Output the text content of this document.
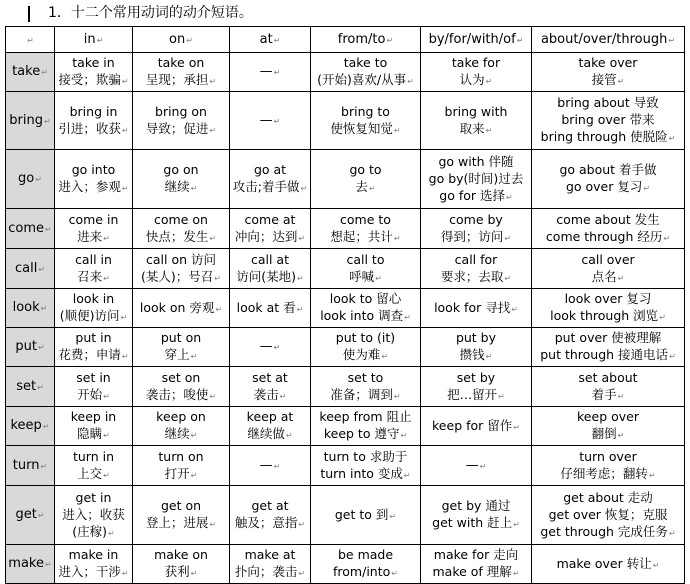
1．十二个常用动词的动介短语。
↵	in↵	on↵	at↵	from/to↵	by/for/with/of↵	about/over/through↵
take↵	take in
接受；欺骗↵	take on
呈现；承担↵	—↵	take to
(开始)喜欢/从事↵	take for
认为↵	take over
接管↵

bring↵	bring in
引进；收获↵	bring on
导致；促进↵	—↵	bring to
使恢复知觉↵	bring with
取来↵	bring about 导致
bring over 带来
bring through 使脱险↵

go↵	go into
进入；参观↵	go on
继续↵	go at
攻击;着手做↵	go to
去↵	go with 伴随
go by(时间)过去
go for 选择↵	go about 着手做
go over 复习↵

come↵	come in
进来↵	come on
快点；发生↵	come at
冲向；达到↵	come to
想起；共计↵	come by
得到；访问↵	come about 发生
come through 经历↵

call↵	call in
召来↵	call on 访问
(某人)；号召↵	call at
访问(某地)↵	call to
呼喊↵	call for
要求；去取↵	call over
点名↵

look↵	look in
(顺便)访问↵	look on 旁观↵	look at 看↵	look to 留心
look into 调查↵	look for 寻找↵	look over 复习
look through 浏览↵

put↵	put in
花费；申请↵	put on
穿上↵	—↵	put to (it)
使为难↵	put by
攒钱↵	put over 使被理解
put through 接通电话↵

set↵	set in
开始↵	set on
袭击；唆使↵	set at
袭击↵	set to
准备；调到↵	set by
把…留开↵	set about
着手↵

keep↵	keep in
隐瞒↵	keep on
继续↵	keep at
继续做↵	keep from 阻止
keep to 遵守↵	keep for 留作↵	keep over
翻倒↵

turn↵	turn in
上交↵	turn on
打开↵	—↵	turn to 求助于
turn into 变成↵	—↵	turn over
仔细考虑；翻转↵

get↵	get in
进入；收获
(庄稼)↵	get on
登上；进展↵	get at
触及；意指↵	get to 到↵	get by 通过
get with 赶上↵	get about 走动
get over 恢复；克服
get through 完成任务↵

make↵	make in
进入；干涉↵	make on
获利↵	make at
扑向；袭击↵	be made
from/into↵	make for 走向
make of 理解↵	make over 转让↵
